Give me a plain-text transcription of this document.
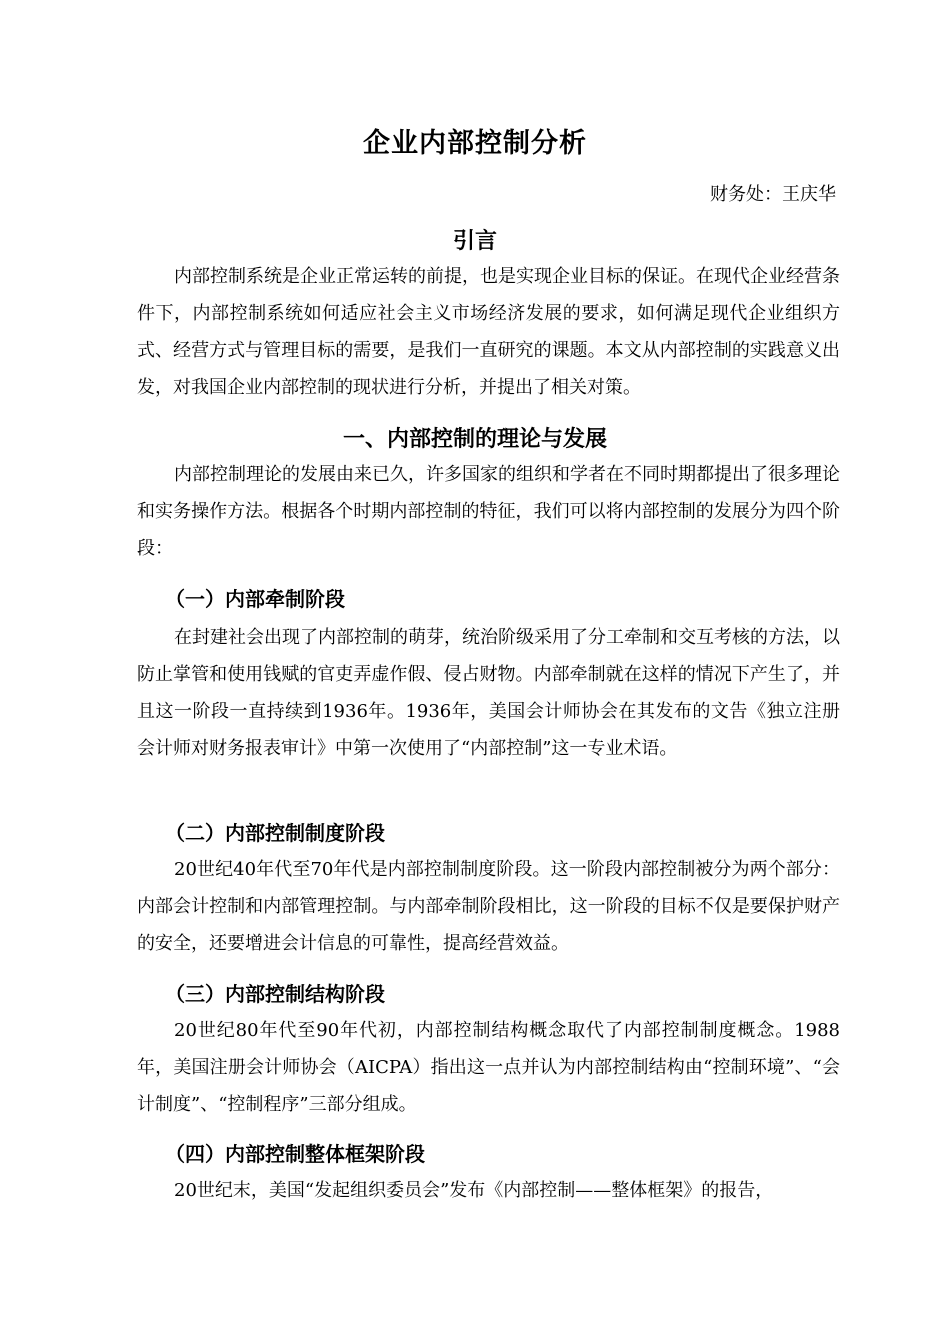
企业内部控制分析

财务处：王庆华

引言

内部控制系统是企业正常运转的前提，也是实现企业目标的保证。在现代企业经营条件下，内部控制系统如何适应社会主义市场经济发展的要求，如何满足现代企业组织方式、经营方式与管理目标的需要，是我们一直研究的课题。本文从内部控制的实践意义出发，对我国企业内部控制的现状进行分析，并提出了相关对策。

一、内部控制的理论与发展

内部控制理论的发展由来已久，许多国家的组织和学者在不同时期都提出了很多理论和实务操作方法。根据各个时期内部控制的特征，我们可以将内部控制的发展分为四个阶段：

（一）内部牵制阶段

在封建社会出现了内部控制的萌芽，统治阶级采用了分工牵制和交互考核的方法，以防止掌管和使用钱赋的官吏弄虚作假、侵占财物。内部牵制就在这样的情况下产生了，并且这一阶段一直持续到1936年。1936年，美国会计师协会在其发布的文告《独立注册会计师对财务报表审计》中第一次使用了“内部控制”这一专业术语。

（二）内部控制制度阶段

20世纪40年代至70年代是内部控制制度阶段。这一阶段内部控制被分为两个部分：内部会计控制和内部管理控制。与内部牵制阶段相比，这一阶段的目标不仅是要保护财产的安全，还要增进会计信息的可靠性，提高经营效益。

（三）内部控制结构阶段

20世纪80年代至90年代初，内部控制结构概念取代了内部控制制度概念。1988年，美国注册会计师协会（AICPA）指出这一点并认为内部控制结构由“控制环境”、“会计制度”、“控制程序”三部分组成。

（四）内部控制整体框架阶段

20世纪末，美国“发起组织委员会”发布《内部控制——整体框架》的报告，
